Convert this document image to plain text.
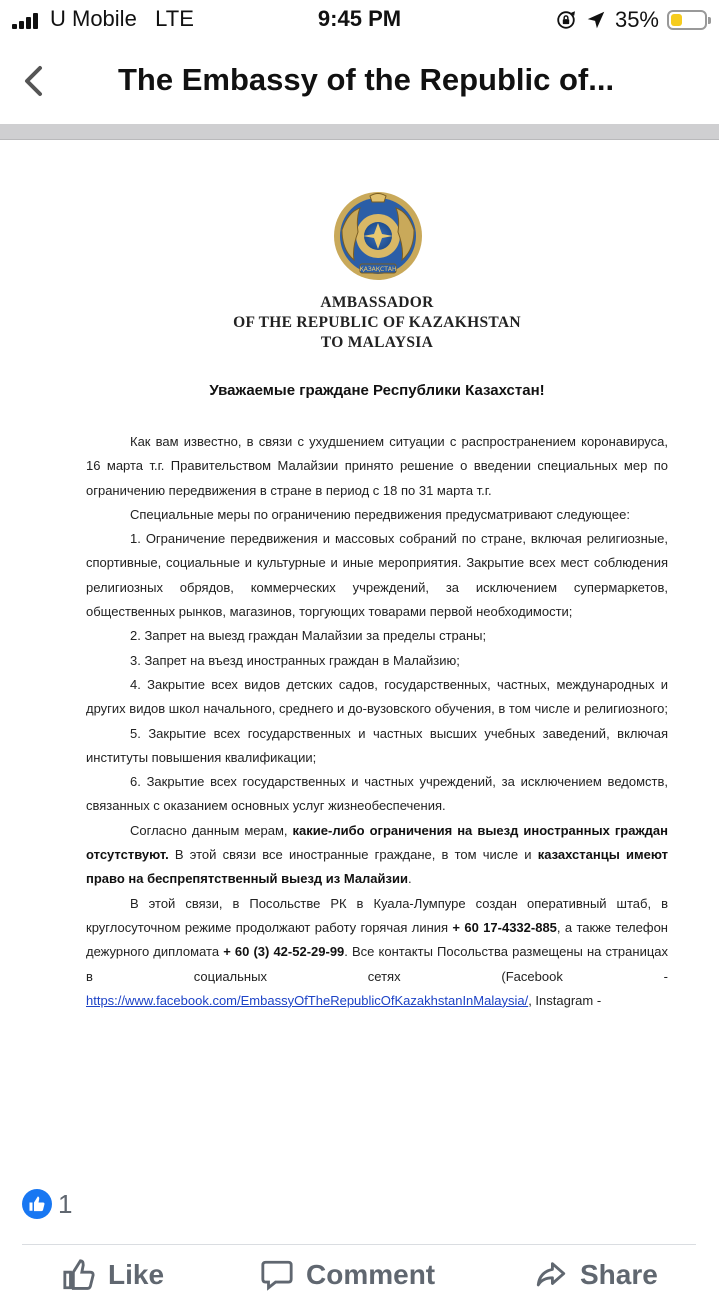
U Mobile LTE	9:45 PM	35%
The Embassy of the Republic of...
ҚАЗАҚСТАН
AMBASSADOR
OF THE REPUBLIC OF KAZAKHSTAN
TO MALAYSIA
Уважаемые граждане Республики Казахстан!

Как вам известно, в связи с ухудшением ситуации с распространением коронавируса, 16 марта т.г. Правительством Малайзии принято решение о введении специальных мер по ограничению передвижения в стране в период с 18 по 31 марта т.г.

Специальные меры по ограничению передвижения предусматривают следующее:

1. Ограничение передвижения и массовых собраний по стране, включая религиозные, спортивные, социальные и культурные и иные мероприятия. Закрытие всех мест соблюдения религиозных обрядов, коммерческих учреждений, за исключением супермаркетов, общественных рынков, магазинов, торгующих товарами первой необходимости;

2. Запрет на выезд граждан Малайзии за пределы страны;

3. Запрет на въезд иностранных граждан в Малайзию;

4. Закрытие всех видов детских садов, государственных, частных, международных и других видов школ начального, среднего и до-вузовского обучения, в том числе и религиозного;

5. Закрытие всех государственных и частных высших учебных заведений, включая институты повышения квалификации;

6. Закрытие всех государственных и частных учреждений, за исключением ведомств, связанных с оказанием основных услуг жизнеобеспечения.

Согласно данным мерам, какие-либо ограничения на выезд иностранных граждан отсутствуют. В этой связи все иностранные граждане, в том числе и казахстанцы имеют право на беспрепятственный выезд из Малайзии.

В этой связи, в Посольстве РК в Куала-Лумпуре создан оперативный штаб, в круглосуточном режиме продолжают работу горячая линия + 60 17-4332-885, а также телефон дежурного дипломата + 60 (3) 42-52-29-99. Все контакты Посольства размещены на страницах в социальных сетях (Facebook - https://www.facebook.com/EmbassyOfTheRepublicOfKazakhstanInMalaysia/, Instagram -

1
Like	Comment	Share
